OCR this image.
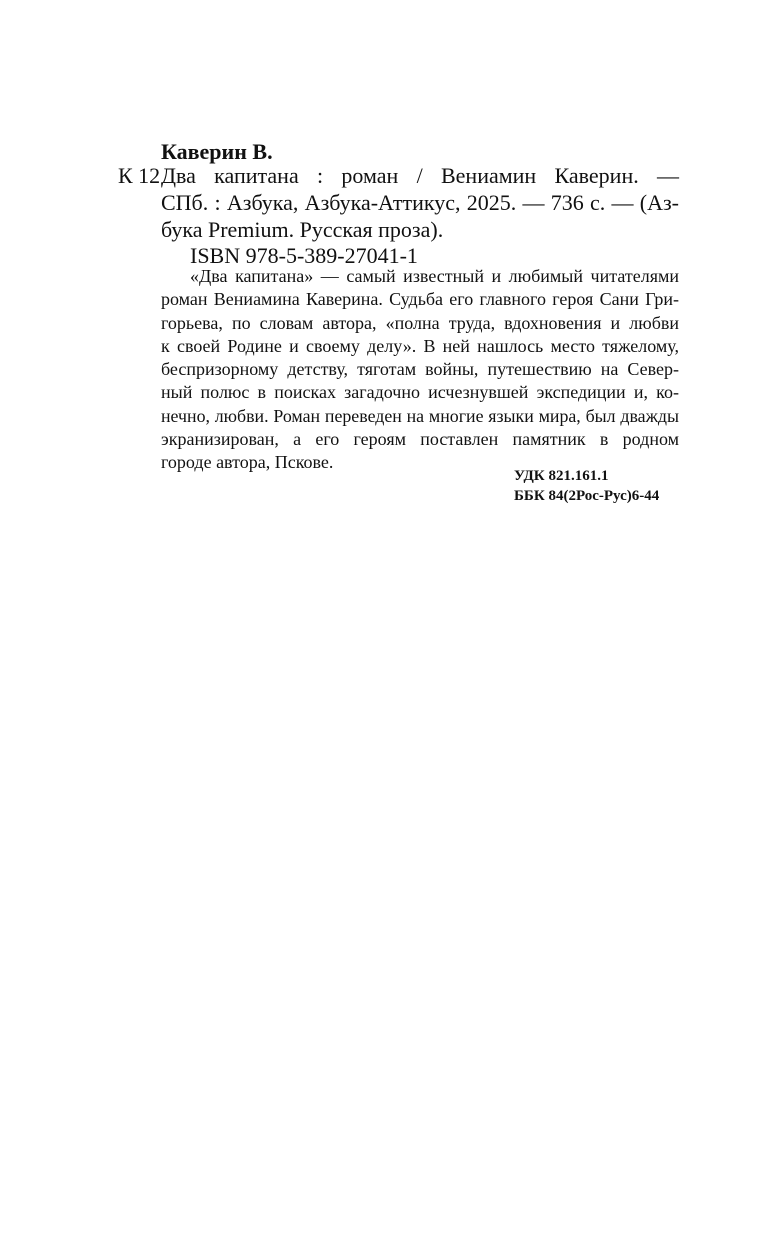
Каверин В.
К 12 Два капитана : роман / Вениамин Каверин. —
СПб. : Азбука, Азбука-Аттикус, 2025. — 736 с. — (Аз-
бука Premium. Русская проза).
ISBN 978-5-389-27041-1
«Два капитана» — самый известный и любимый читателями
роман Вениамина Каверина. Судьба его главного героя Сани Гри-
горьева, по словам автора, «полна труда, вдохновения и любви
к своей Родине и своему делу». В ней нашлось место тяжелому,
беспризорному детству, тяготам войны, путешествию на Север-
ный полюс в поисках загадочно исчезнувшей экспедиции и, ко-
нечно, любви. Роман переведен на многие языки мира, был дважды
экранизирован, а его героям поставлен памятник в родном
городе автора, Пскове.
УДК 821.161.1
ББК 84(2Рос-Рус)6-44
